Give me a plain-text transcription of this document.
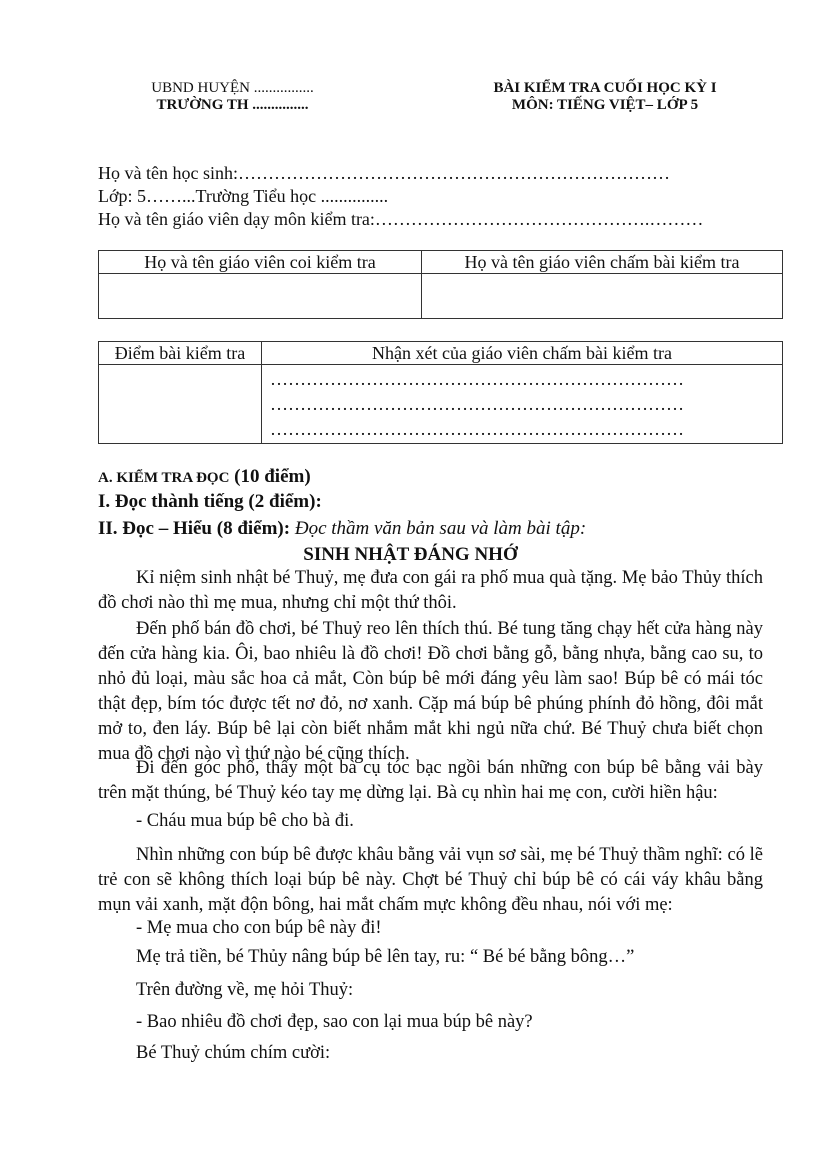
UBND HUYỆN ................
TRƯỜNG TH ...............
BÀI KIỂM TRA CUỐI HỌC KỲ I
MÔN: TIẾNG VIỆT– LỚP 5
Họ và tên học sinh:………………………………………………………………
Lớp: 5……...Trường Tiểu học ...............
Họ và tên giáo viên dạy môn kiểm tra:……………………………………….………
Họ và tên giáo viên coi kiểm tra	Họ và tên giáo viên chấm bài kiểm tra

Điểm bài kiểm tra	Nhận xét của giáo viên chấm bài kiểm tra

	……………………………………………………………
……………………………………………………………
……………………………………………………………
A. KIỂM TRA ĐỌC (10 điểm)
I. Đọc thành tiếng (2 điểm):
II. Đọc – Hiểu (8 điểm): Đọc thầm văn bản sau và làm bài tập:
SINH NHẬT ĐÁNG NHỚ
Kỉ niệm sinh nhật bé Thuỷ, mẹ đưa con gái ra phố mua quà tặng. Mẹ bảo Thủy thích đồ chơi nào thì mẹ mua, nhưng chỉ một thứ thôi.
Đến phố bán đồ chơi, bé Thuỷ reo lên thích thú. Bé tung tăng chạy hết cửa hàng này đến cửa hàng kia. Ôi, bao nhiêu là đồ chơi! Đồ chơi bằng gỗ, bằng nhựa, bằng cao su, to nhỏ đủ loại, màu sắc hoa cả mắt, Còn búp bê mới đáng yêu làm sao! Búp bê có mái tóc thật đẹp, bím tóc được tết nơ đỏ, nơ xanh. Cặp má búp bê phúng phính đỏ hồng, đôi mắt mở to, đen láy. Búp bê lại còn biết nhắm mắt khi ngủ nữa chứ. Bé Thuỷ chưa biết chọn mua đồ chơi nào vì thứ nào bé cũng thích.
Đi đến góc phố, thấy một bà cụ tóc bạc ngồi bán những con búp bê bằng vải bày trên mặt thúng, bé Thuỷ kéo tay mẹ dừng lại. Bà cụ nhìn hai mẹ con, cười hiền hậu:
- Cháu mua búp bê cho bà đi.
Nhìn những con búp bê được khâu bằng vải vụn sơ sài, mẹ bé Thuỷ thầm nghĩ: có lẽ trẻ con sẽ không thích loại búp bê này. Chợt bé Thuỷ chỉ búp bê có cái váy khâu bằng mụn vải xanh, mặt độn bông, hai mắt chấm mực không đều nhau, nói với mẹ:
- Mẹ mua cho con búp bê này đi!
Mẹ trả tiền, bé Thủy nâng búp bê lên tay, ru: “ Bé bé bằng bông…”
Trên đường về, mẹ hỏi Thuỷ:
- Bao nhiêu đồ chơi đẹp, sao con lại mua búp bê này?
Bé Thuỷ chúm chím cười:
